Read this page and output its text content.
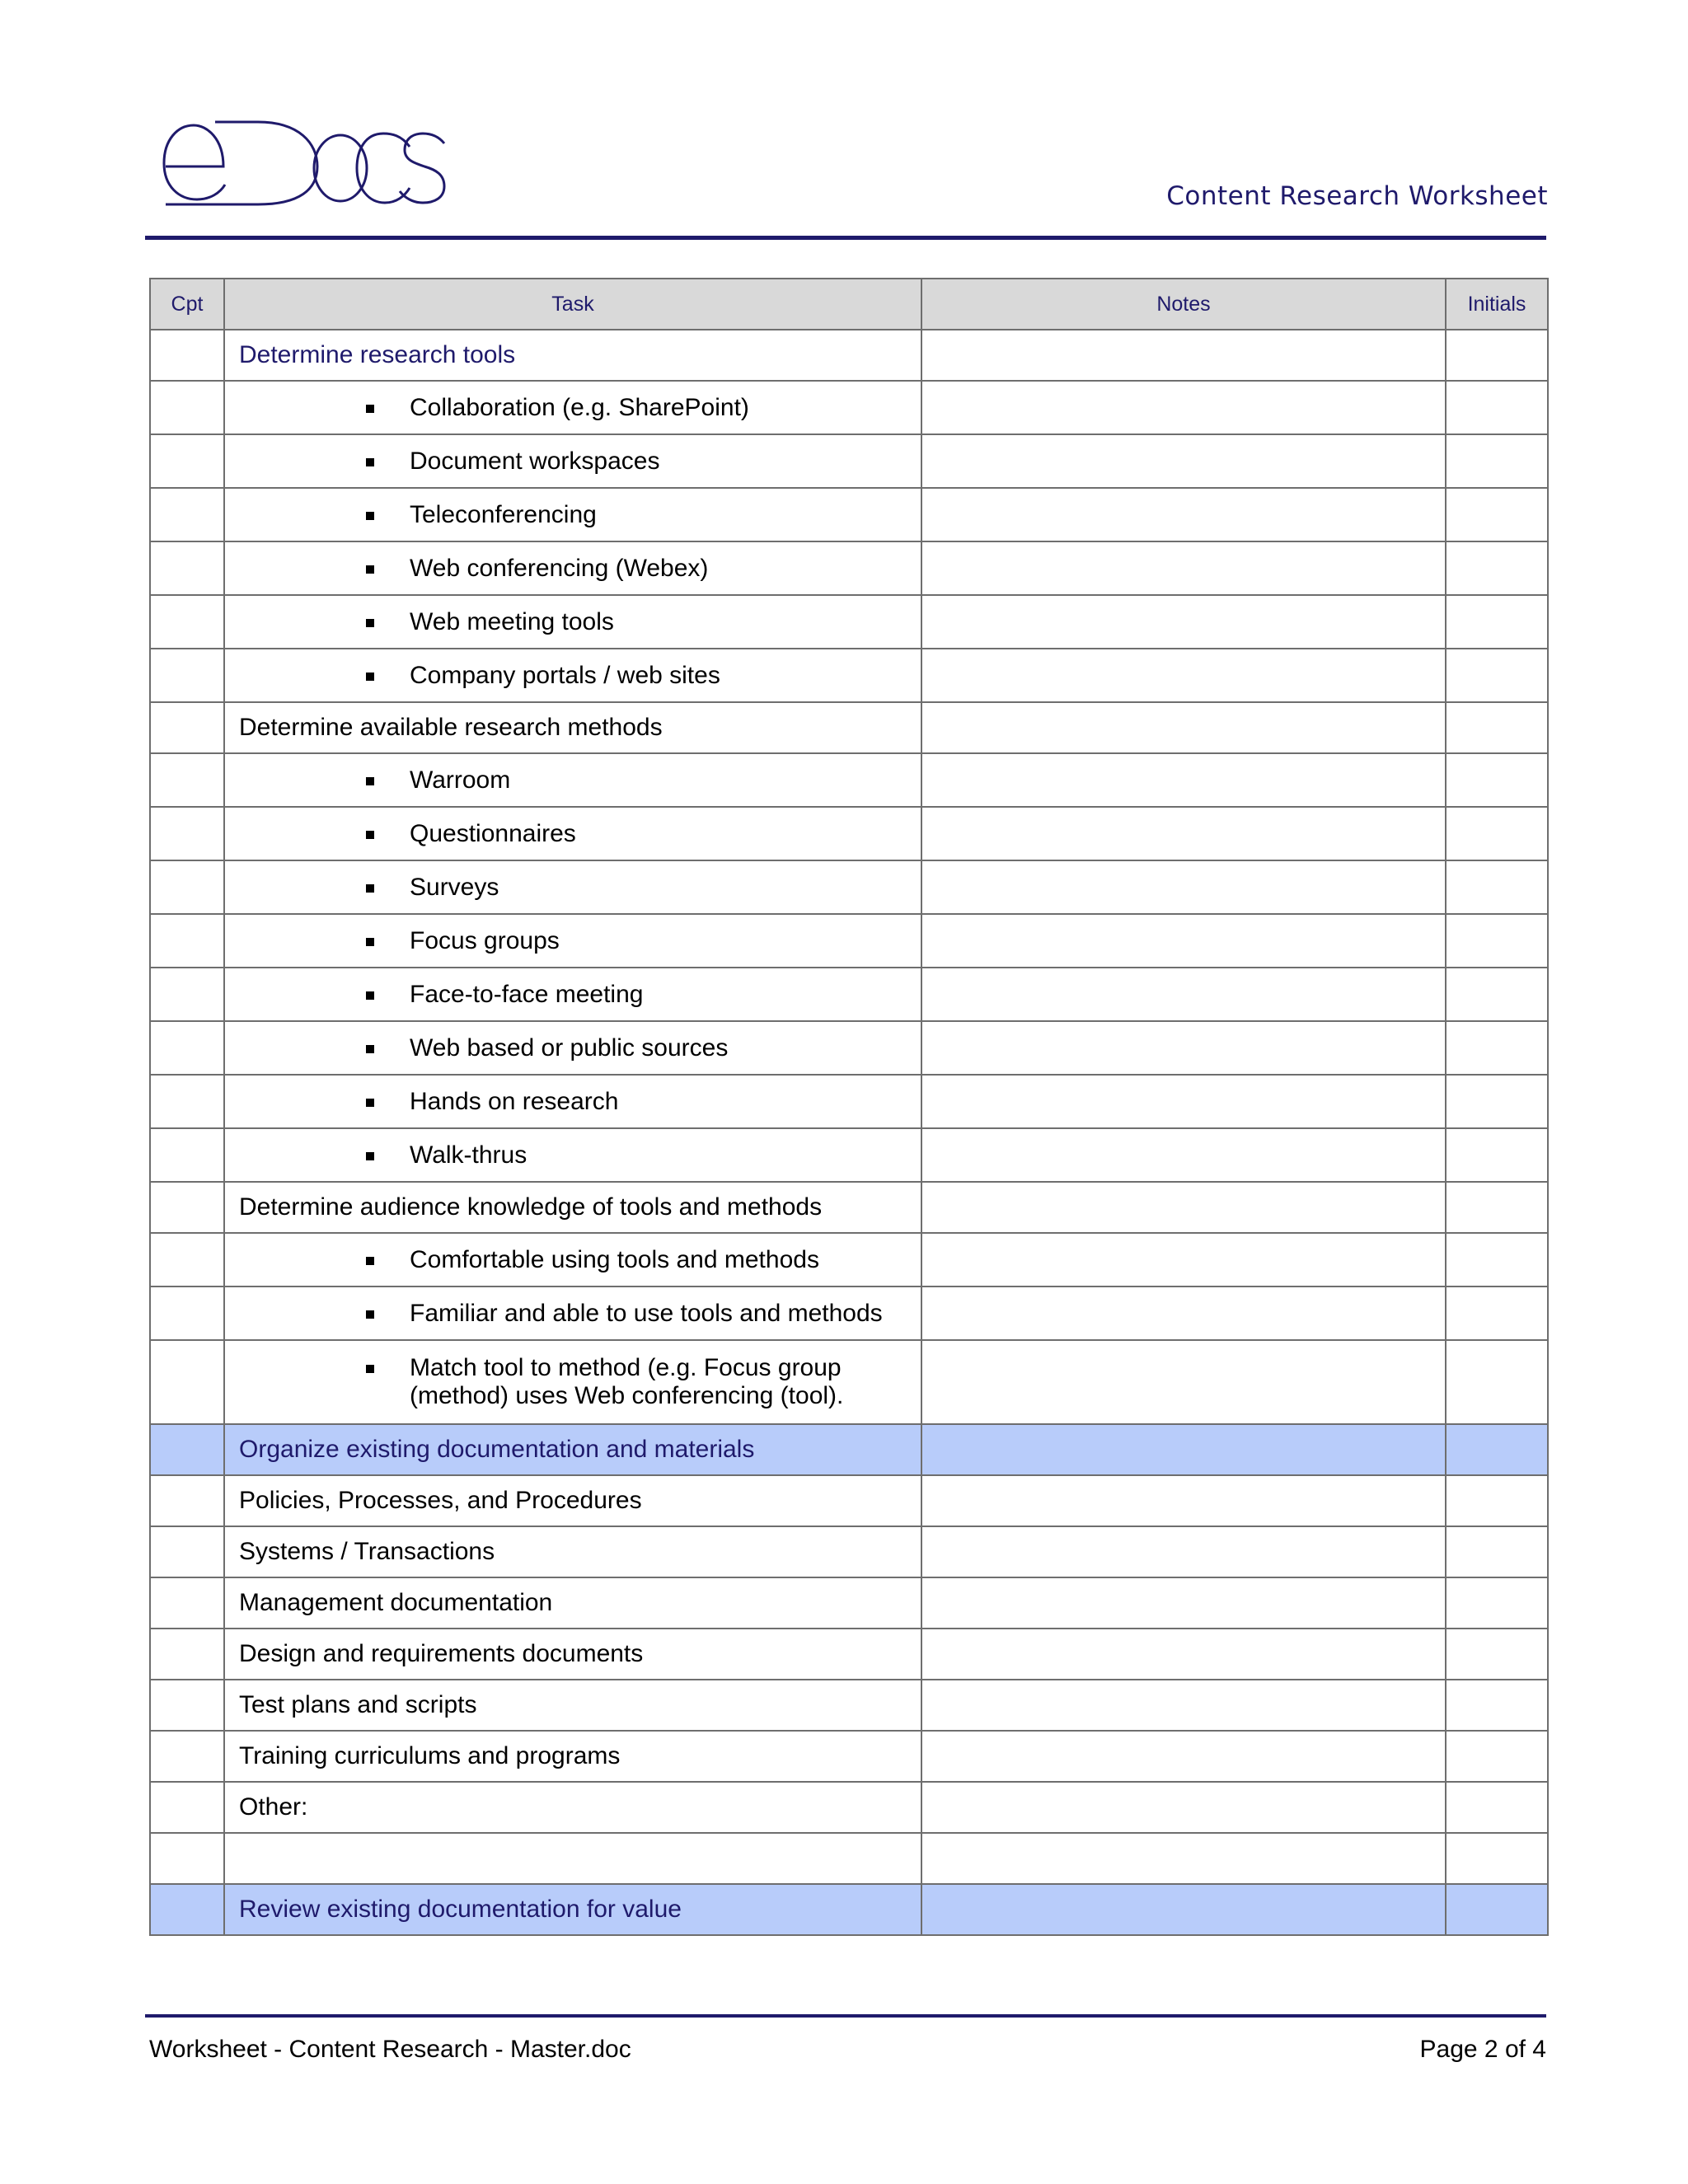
eDocs
Content Research Worksheet
Cpt	Task	Notes	Initials
	Determine research tools		

	Collaboration (e.g. SharePoint)		

	Document workspaces		

	Teleconferencing		

	Web conferencing (Webex)		

	Web meeting tools		

	Company portals / web sites		

	Determine available research methods		

	Warroom		

	Questionnaires		

	Surveys		

	Focus groups		

	Face-to-face meeting		

	Web based or public sources		

	Hands on research		

	Walk-thrus		

	Determine audience knowledge of tools and methods		

	Comfortable using tools and methods		

	Familiar and able to use tools and methods		

	Match tool to method (e.g. Focus group (method) uses Web conferencing (tool).		

	Organize existing documentation and materials		
	Policies, Processes, and Procedures		
	Systems / Transactions		
	Management documentation		
	Design and requirements documents		
	Test plans and scripts		
	Training curriculums and programs		
	Other:		

	Review existing documentation for value		
Worksheet - Content Research - Master.doc	Page 2 of 4
